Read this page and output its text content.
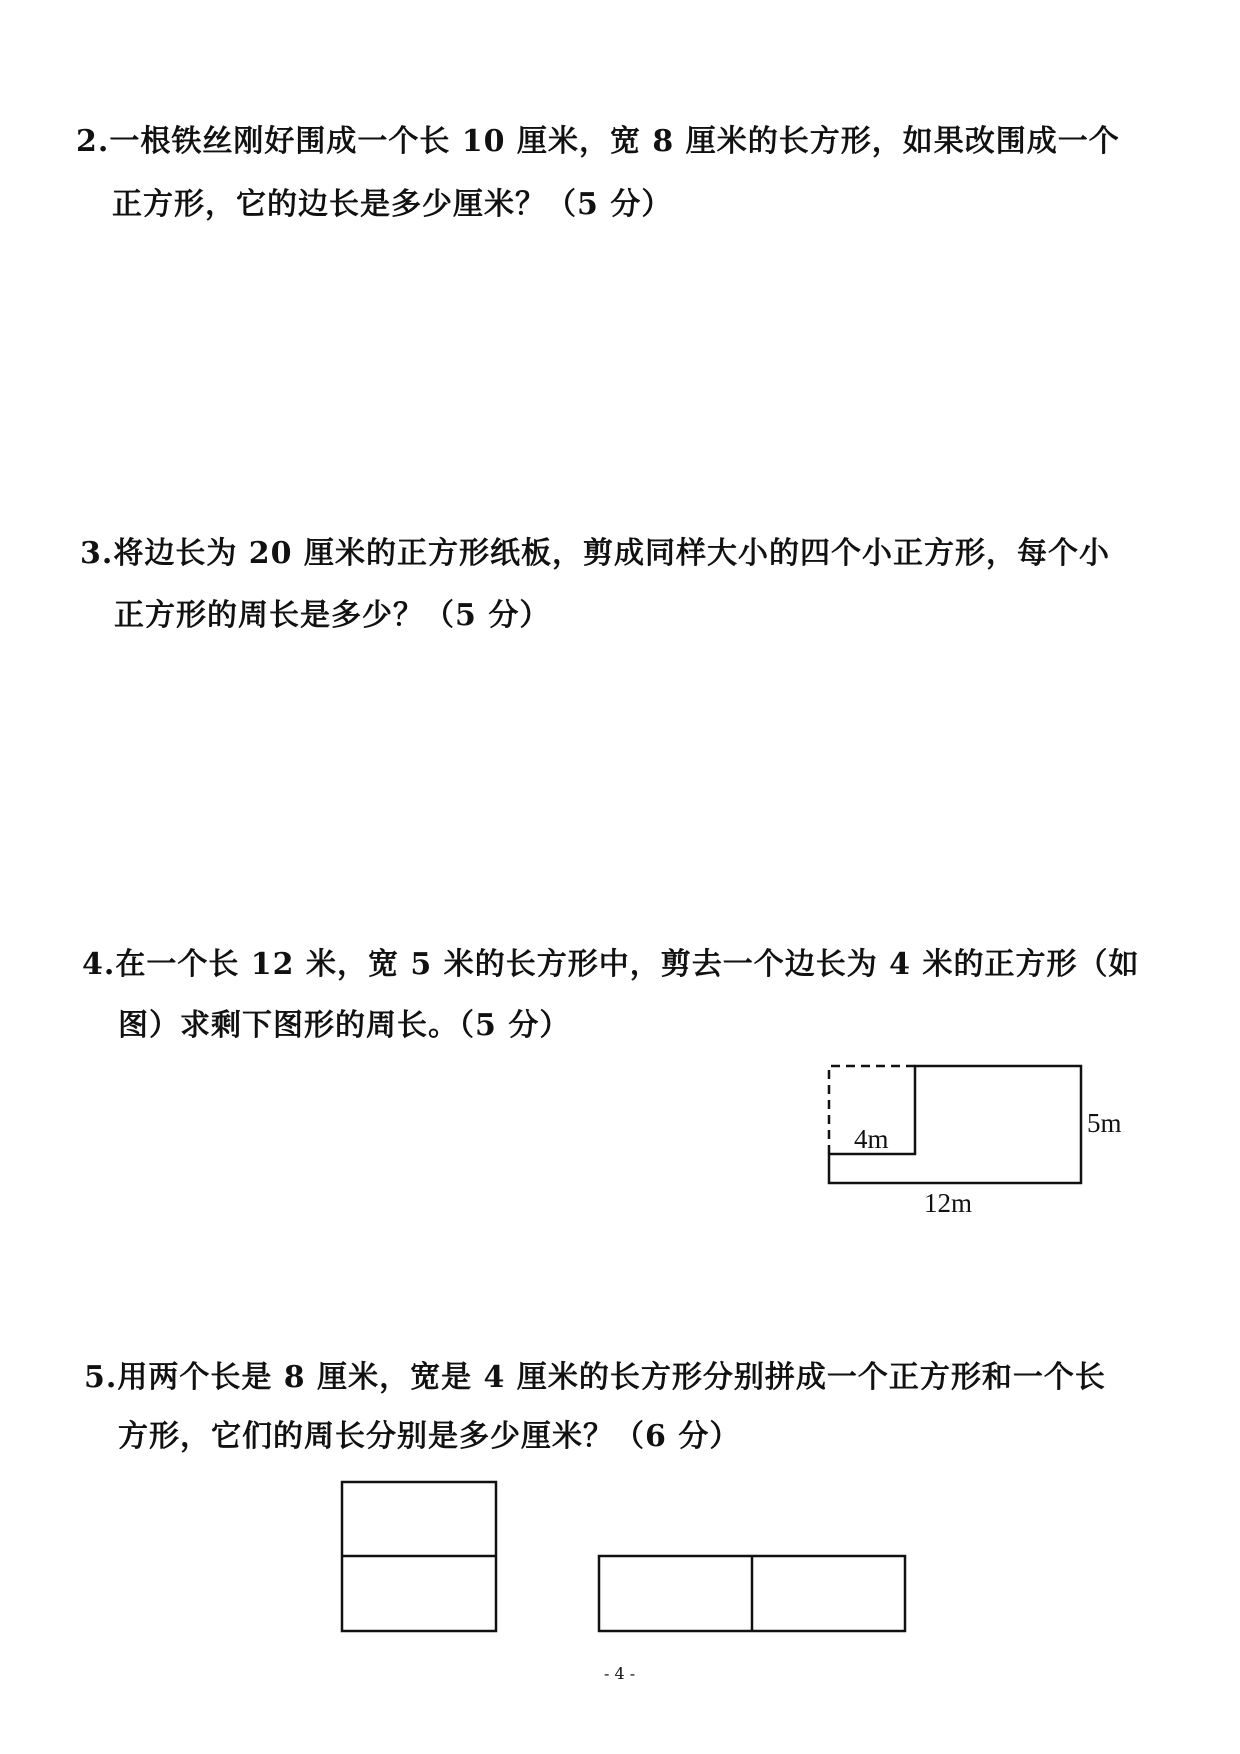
2.一根铁丝刚好围成一个长 10 厘米，宽 8 厘米的长方形，如果改围成一个
正方形，它的边长是多少厘米？（5 分）
3.将边长为 20 厘米的正方形纸板，剪成同样大小的四个小正方形，每个小
正方形的周长是多少？（5 分）
4.在一个长 12 米，宽 5 米的长方形中，剪去一个边长为 4 米的正方形（如
图）求剩下图形的周长。（5 分）
5.用两个长是 8 厘米，宽是 4 厘米的长方形分别拼成一个正方形和一个长
方形，它们的周长分别是多少厘米？（6 分）
4m
5m
12m
- 4 -
